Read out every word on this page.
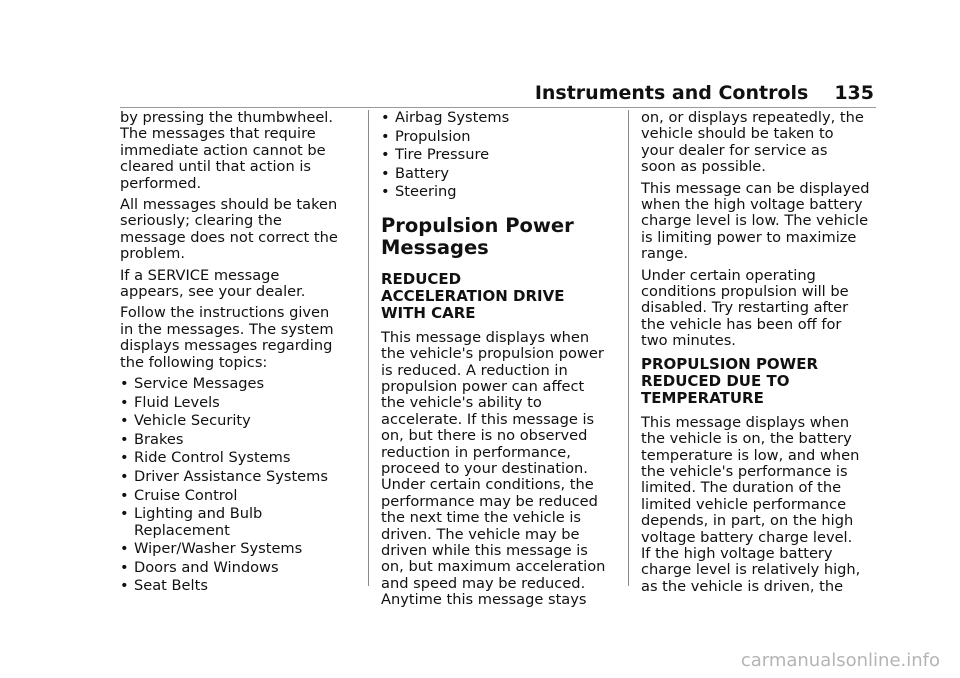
Instruments and Controls 135

by pressing the thumbwheel.
The messages that require
immediate action cannot be
cleared until that action is
performed.

All messages should be taken
seriously; clearing the
message does not correct the
problem.

If a SERVICE message
appears, see your dealer.

Follow the instructions given
in the messages. The system
displays messages regarding
the following topics:

• Service Messages
• Fluid Levels
• Vehicle Security
• Brakes
• Ride Control Systems
• Driver Assistance Systems
• Cruise Control
• Lighting and Bulb
Replacement
• Wiper/Washer Systems
• Doors and Windows
• Seat Belts
• Airbag Systems
• Propulsion
• Tire Pressure
• Battery
• Steering
Propulsion Power
Messages
REDUCED
ACCELERATION DRIVE
WITH CARE

This message displays when
the vehicle's propulsion power
is reduced. A reduction in
propulsion power can affect
the vehicle's ability to
accelerate. If this message is
on, but there is no observed
reduction in performance,
proceed to your destination.
Under certain conditions, the
performance may be reduced
the next time the vehicle is
driven. The vehicle may be
driven while this message is
on, but maximum acceleration
and speed may be reduced.
Anytime this message stays

on, or displays repeatedly, the
vehicle should be taken to
your dealer for service as
soon as possible.

This message can be displayed
when the high voltage battery
charge level is low. The vehicle
is limiting power to maximize
range.

Under certain operating
conditions propulsion will be
disabled. Try restarting after
the vehicle has been off for
two minutes.

PROPULSION POWER
REDUCED DUE TO
TEMPERATURE

This message displays when
the vehicle is on, the battery
temperature is low, and when
the vehicle's performance is
limited. The duration of the
limited vehicle performance
depends, in part, on the high
voltage battery charge level.
If the high voltage battery
charge level is relatively high,
as the vehicle is driven, the

carmanualsonline.info
